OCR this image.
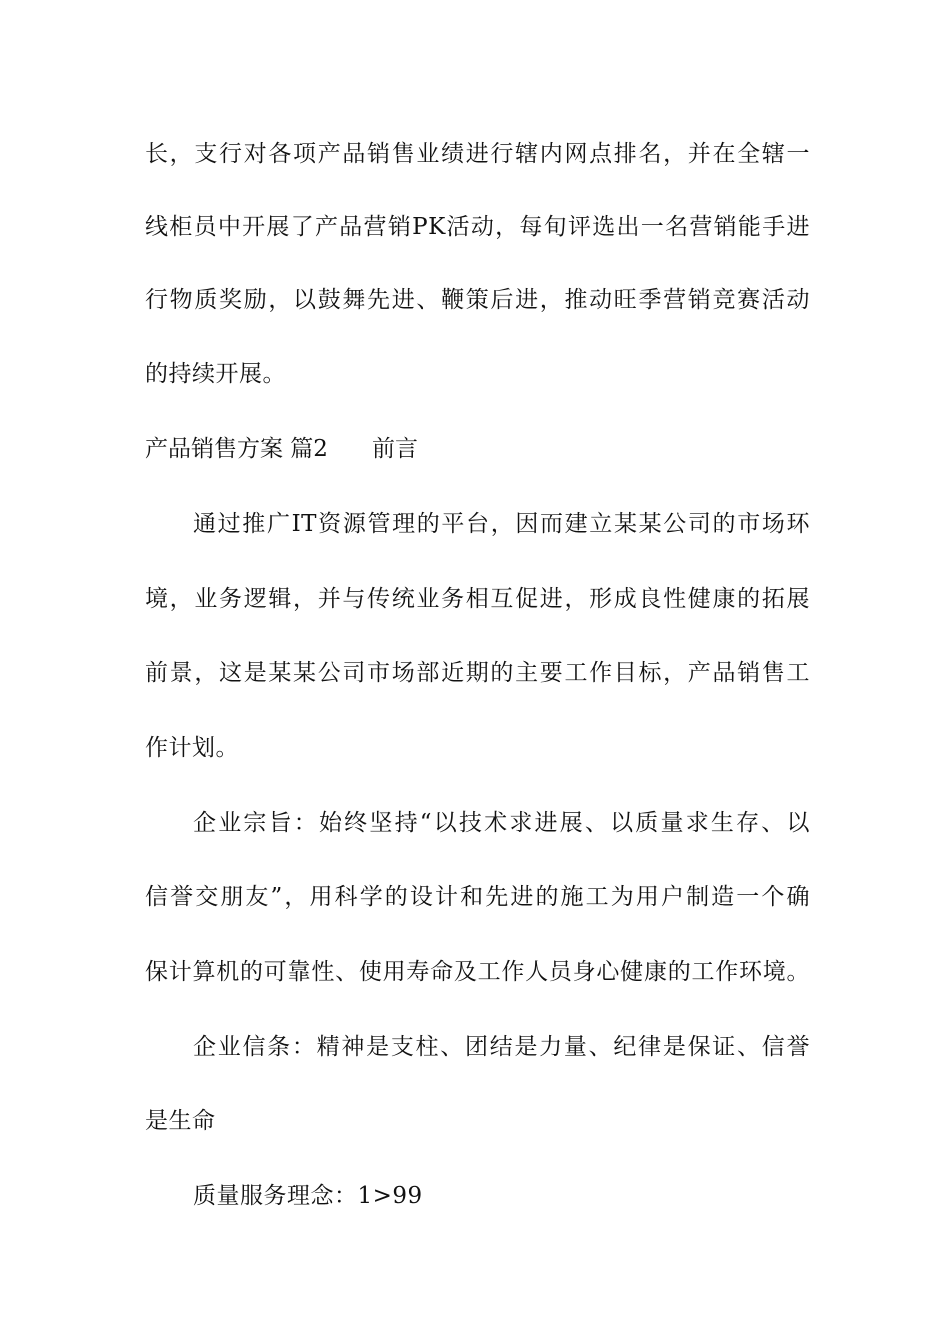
长，支行对各项产品销售业绩进行辖内网点排名，并在全辖一
线柜员中开展了产品营销PK活动，每旬评选出一名营销能手进
行物质奖励，以鼓舞先进、鞭策后进，推动旺季营销竞赛活动
的持续开展。
产品销售方案 篇2 前言
通过推广IT资源管理的平台，因而建立某某公司的市场环
境，业务逻辑，并与传统业务相互促进，形成良性健康的拓展
前景，这是某某公司市场部近期的主要工作目标，产品销售工
作计划。
企业宗旨：始终坚持“以技术求进展、以质量求生存、以
信誉交朋友”，用科学的设计和先进的施工为用户制造一个确
保计算机的可靠性、使用寿命及工作人员身心健康的工作环境。
企业信条：精神是支柱、团结是力量、纪律是保证、信誉
是生命
质量服务理念：1>99
